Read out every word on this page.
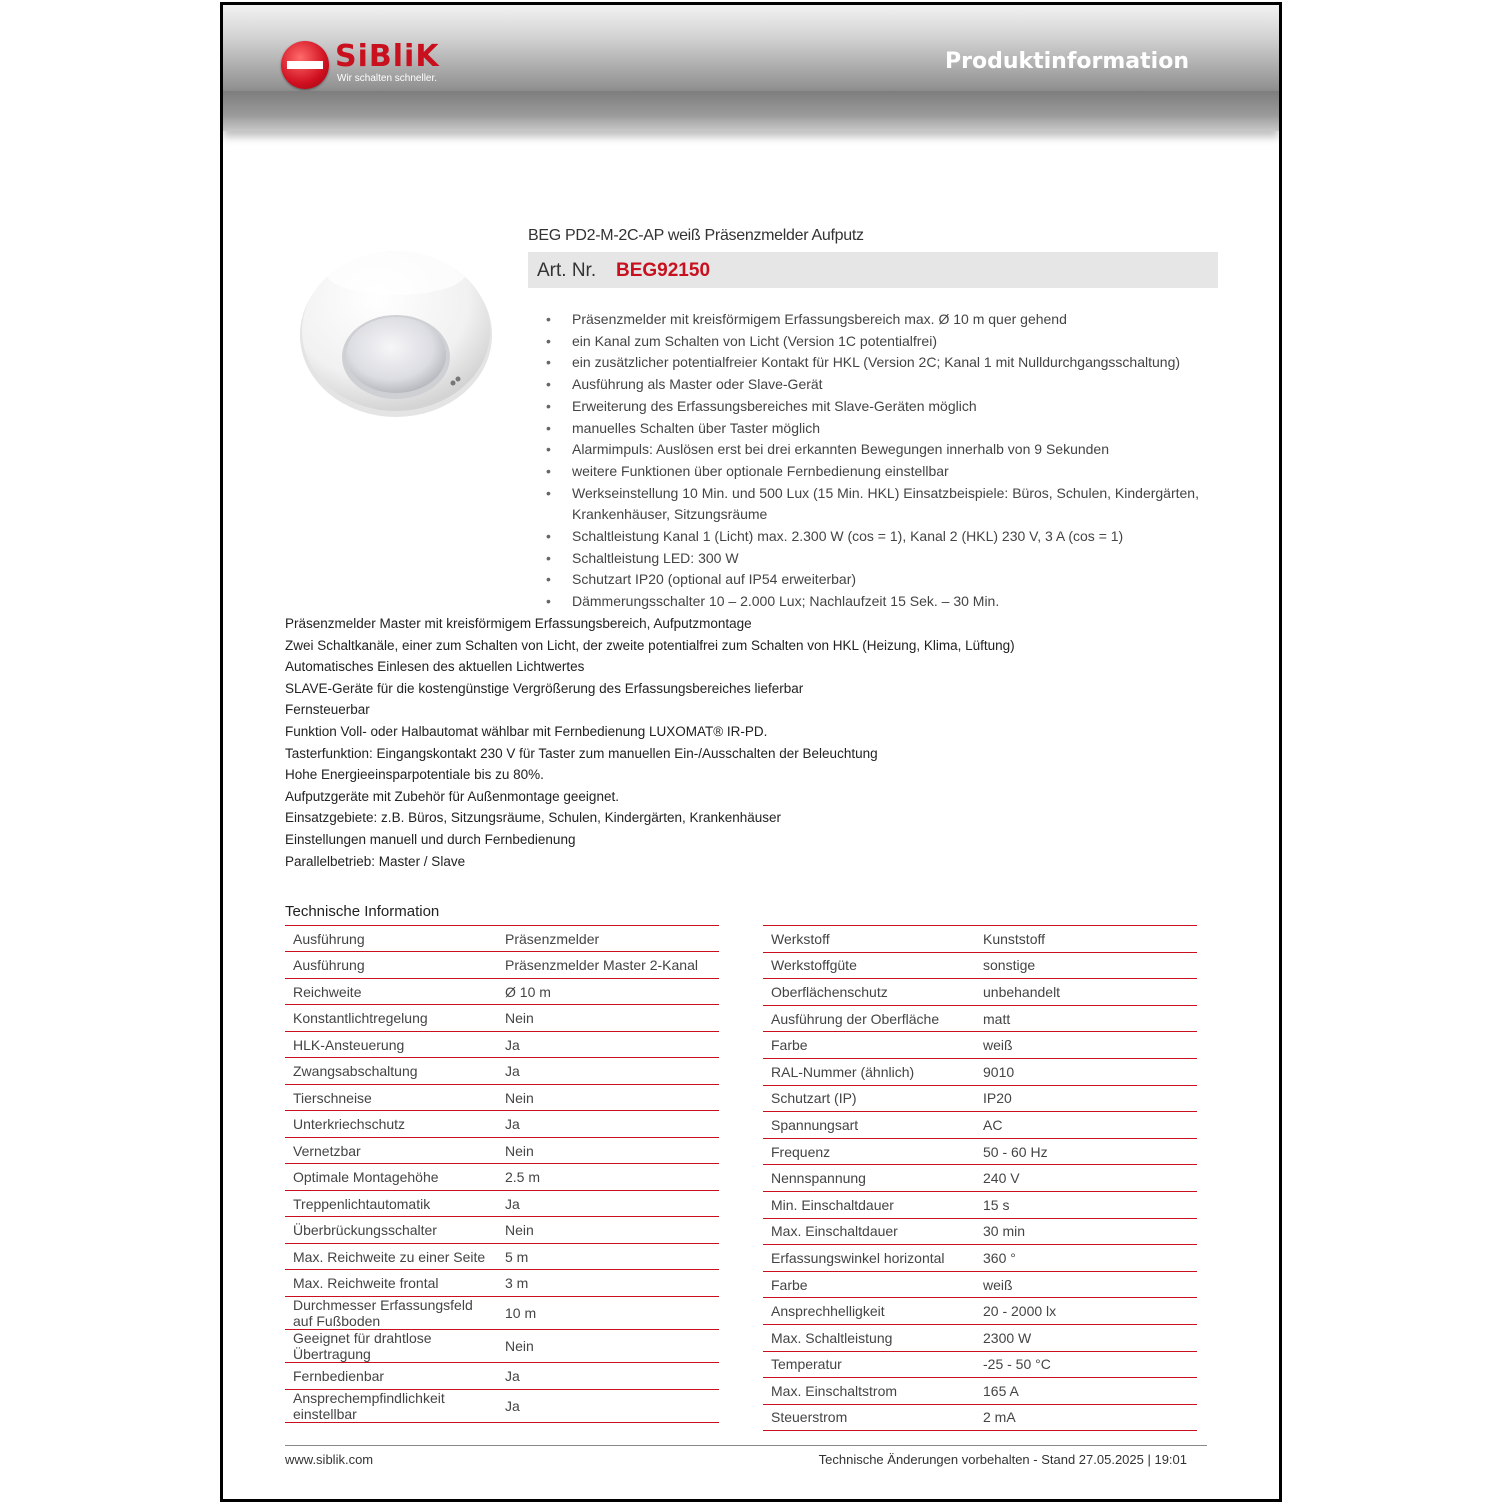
SiBliK
Wir schalten schneller.
Produktinformation
BEG PD2-M-2C-AP weiß Präsenzmelder Aufputz
Art. Nr. BEG92150
• Präsenzmelder mit kreisförmigem Erfassungsbereich max. Ø 10 m quer gehend
• ein Kanal zum Schalten von Licht (Version 1C potentialfrei)
• ein zusätzlicher potentialfreier Kontakt für HKL (Version 2C; Kanal 1 mit Nulldurchgangsschaltung)
• Ausführung als Master oder Slave-Gerät
• Erweiterung des Erfassungsbereiches mit Slave-Geräten möglich
• manuelles Schalten über Taster möglich
• Alarmimpuls: Auslösen erst bei drei erkannten Bewegungen innerhalb von 9 Sekunden
• weitere Funktionen über optionale Fernbedienung einstellbar
• Werkseinstellung 10 Min. und 500 Lux (15 Min. HKL) Einsatzbeispiele: Büros, Schulen, Kindergärten, Krankenhäuser, Sitzungsräume
• Schaltleistung Kanal 1 (Licht) max. 2.300 W (cos = 1), Kanal 2 (HKL) 230 V, 3 A (cos = 1)
• Schaltleistung LED: 300 W
• Schutzart IP20 (optional auf IP54 erweiterbar)
• Dämmerungsschalter 10 – 2.000 Lux; Nachlaufzeit 15 Sek. – 30 Min.
Präsenzmelder Master mit kreisförmigem Erfassungsbereich, Aufputzmontage
Zwei Schaltkanäle, einer zum Schalten von Licht, der zweite potentialfrei zum Schalten von HKL (Heizung, Klima, Lüftung)
Automatisches Einlesen des aktuellen Lichtwertes
SLAVE-Geräte für die kostengünstige Vergrößerung des Erfassungsbereiches lieferbar
Fernsteuerbar
Funktion Voll- oder Halbautomat wählbar mit Fernbedienung LUXOMAT® IR-PD.
Tasterfunktion: Eingangskontakt 230 V für Taster zum manuellen Ein-/Ausschalten der Beleuchtung
Hohe Energieeinsparpotentiale bis zu 80%.
Aufputzgeräte mit Zubehör für Außenmontage geeignet.
Einsatzgebiete: z.B. Büros, Sitzungsräume, Schulen, Kindergärten, Krankenhäuser
Einstellungen manuell und durch Fernbedienung
Parallelbetrieb: Master / Slave
Technische Information
Ausführung	Präsenzmelder
Ausführung	Präsenzmelder Master 2-Kanal
Reichweite	Ø 10 m
Konstantlichtregelung	Nein
HLK-Ansteuerung	Ja
Zwangsabschaltung	Ja
Tierschneise	Nein
Unterkriechschutz	Ja
Vernetzbar	Nein
Optimale Montagehöhe	2.5 m
Treppenlichtautomatik	Ja
Überbrückungsschalter	Nein
Max. Reichweite zu einer Seite	5 m
Max. Reichweite frontal	3 m
Durchmesser Erfassungsfeld auf Fußboden	10 m
Geeignet für drahtlose Übertragung	Nein
Fernbedienbar	Ja
Ansprechempfindlichkeit einstellbar	Ja
Werkstoff	Kunststoff
Werkstoffgüte	sonstige
Oberflächenschutz	unbehandelt
Ausführung der Oberfläche	matt
Farbe	weiß
RAL-Nummer (ähnlich)	9010
Schutzart (IP)	IP20
Spannungsart	AC
Frequenz	50 - 60 Hz
Nennspannung	240 V
Min. Einschaltdauer	15 s
Max. Einschaltdauer	30 min
Erfassungswinkel horizontal	360 °
Farbe	weiß
Ansprechhelligkeit	20 - 2000 lx
Max. Schaltleistung	2300 W
Temperatur	-25 - 50 °C
Max. Einschaltstrom	165 A
Steuerstrom	2 mA
www.siblik.com	Technische Änderungen vorbehalten - Stand 27.05.2025 | 19:01
